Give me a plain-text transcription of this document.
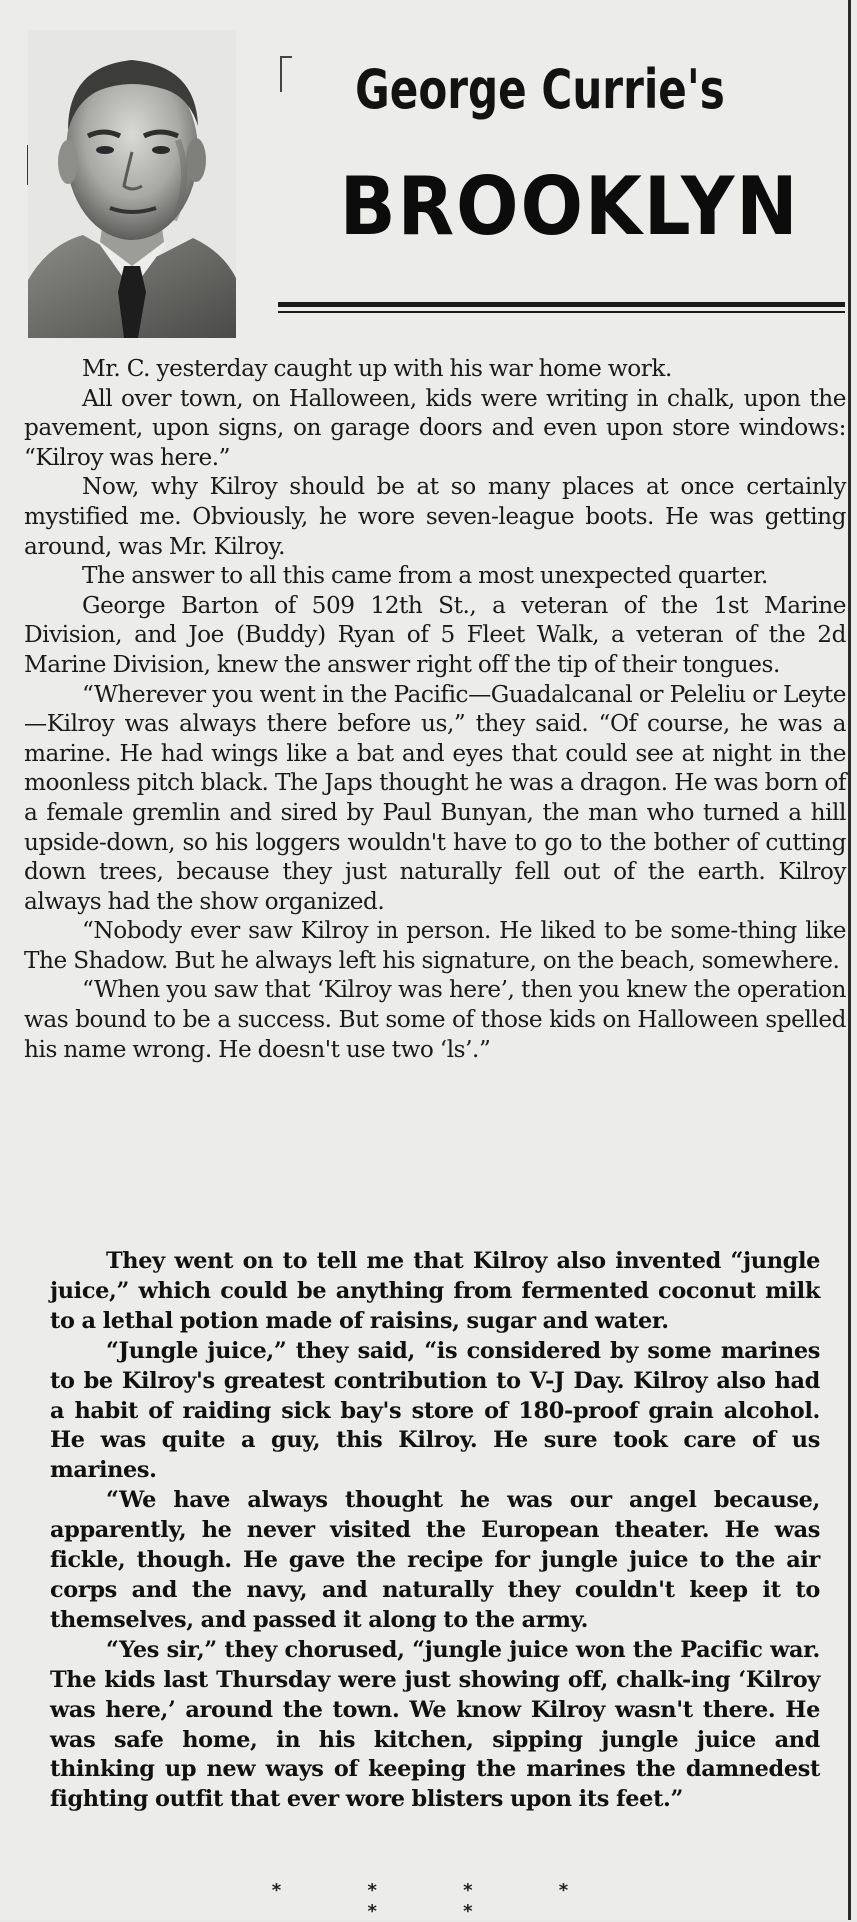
George Currie's
BROOKLYN

Mr. C. yesterday caught up with his war home work.

All over town, on Halloween, kids were writing in chalk, upon the pavement, upon signs, on garage doors and even upon store windows: “Kilroy was here.”

Now, why Kilroy should be at so many places at once certainly mystified me. Obviously, he wore seven-league boots. He was getting around, was Mr. Kilroy.

The answer to all this came from a most unexpected quarter.

George Barton of 509 12th St., a veteran of the 1st Marine Division, and Joe (Buddy) Ryan of 5 Fleet Walk, a veteran of the 2d Marine Division, knew the answer right off the tip of their tongues.

“Wherever you went in the Pacific—Guadalcanal or Peleliu or Leyte—Kilroy was always there before us,” they said. “Of course, he was a marine. He had wings like a bat and eyes that could see at night in the moonless pitch black. The Japs thought he was a dragon. He was born of a female gremlin and sired by Paul Bunyan, the man who turned a hill upside-down, so his loggers wouldn't have to go to the bother of cutting down trees, because they just naturally fell out of the earth. Kilroy always had the show organized.

“Nobody ever saw Kilroy in person. He liked to be some-thing like The Shadow. But he always left his signature, on the beach, somewhere.

“When you saw that ‘Kilroy was here’, then you knew the operation was bound to be a success. But some of those kids on Halloween spelled his name wrong. He doesn't use two ‘ls’.”

They went on to tell me that Kilroy also invented “jungle juice,” which could be anything from fermented coconut milk to a lethal potion made of raisins, sugar and water.

“Jungle juice,” they said, “is considered by some marines to be Kilroy's greatest contribution to V-J Day. Kilroy also had a habit of raiding sick bay's store of 180-proof grain alcohol. He was quite a guy, this Kilroy. He sure took care of us marines.

“We have always thought he was our angel because, apparently, he never visited the European theater. He was fickle, though. He gave the recipe for jungle juice to the air corps and the navy, and naturally they couldn't keep it to themselves, and passed it along to the army.

“Yes sir,” they chorused, “jungle juice won the Pacific war. The kids last Thursday were just showing off, chalk-ing ‘Kilroy was here,’ around the town. We know Kilroy wasn't there. He was safe home, in his kitchen, sipping jungle juice and thinking up new ways of keeping the marines the damnedest fighting outfit that ever wore blisters upon its feet.”

* * * * * *
